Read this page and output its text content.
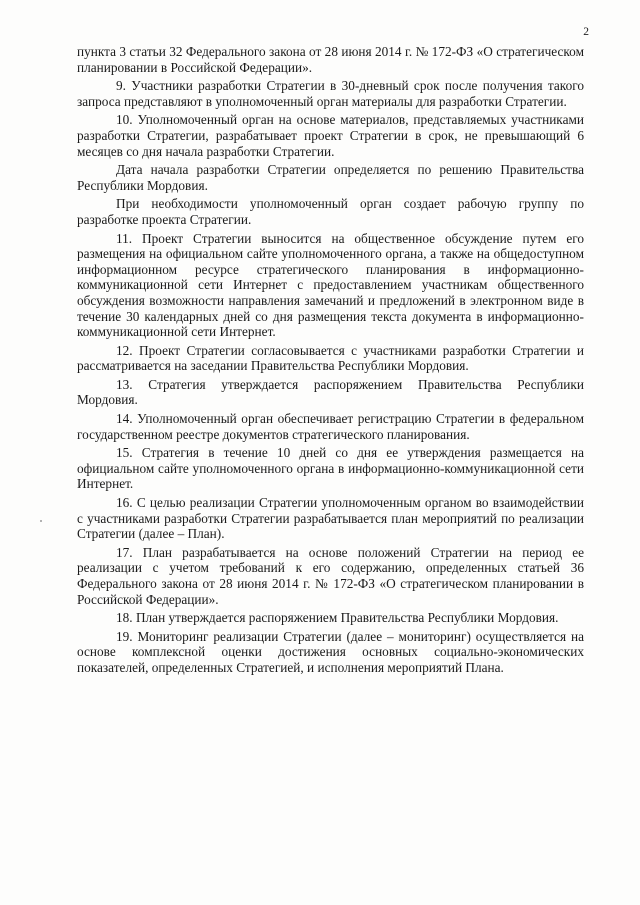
2

пункта 3 статьи 32 Федерального закона от 28 июня 2014 г. № 172-ФЗ «О стратегическом планировании в Российской Федерации».

9. Участники разработки Стратегии в 30-дневный срок после получения такого запроса представляют в уполномоченный орган материалы для разработки Стратегии.

10. Уполномоченный орган на основе материалов, представляемых участниками разработки Стратегии, разрабатывает проект Стратегии в срок, не превышающий 6 месяцев со дня начала разработки Стратегии.

Дата начала разработки Стратегии определяется по решению Правительства Республики Мордовия.

При необходимости уполномоченный орган создает рабочую группу по разработке проекта Стратегии.

11. Проект Стратегии выносится на общественное обсуждение путем его размещения на официальном сайте уполномоченного органа, а также на общедоступном информационном ресурсе стратегического планирования в информационно-коммуникационной сети Интернет с предоставлением участникам общественного обсуждения возможности направления замечаний и предложений в электронном виде в течение 30 календарных дней со дня размещения текста документа в информационно-коммуникационной сети Интернет.

12. Проект Стратегии согласовывается с участниками разработки Стратегии и рассматривается на заседании Правительства Республики Мордовия.

13. Стратегия утверждается распоряжением Правительства Республики Мордовия.

14. Уполномоченный орган обеспечивает регистрацию Стратегии в федеральном государственном реестре документов стратегического планирования.

15. Стратегия в течение 10 дней со дня ее утверждения размещается на официальном сайте уполномоченного органа в информационно-коммуникационной сети Интернет.

16. С целью реализации Стратегии уполномоченным органом во взаимодействии с участниками разработки Стратегии разрабатывается план мероприятий по реализации Стратегии (далее – План).

17. План разрабатывается на основе положений Стратегии на период ее реализации с учетом требований к его содержанию, определенных статьей 36 Федерального закона от 28 июня 2014 г. № 172-ФЗ «О стратегическом планировании в Российской Федерации».

18. План утверждается распоряжением Правительства Республики Мордовия.

19. Мониторинг реализации Стратегии (далее – мониторинг) осуществляется на основе комплексной оценки достижения основных социально-экономических показателей, определенных Стратегией, и исполнения мероприятий Плана.
